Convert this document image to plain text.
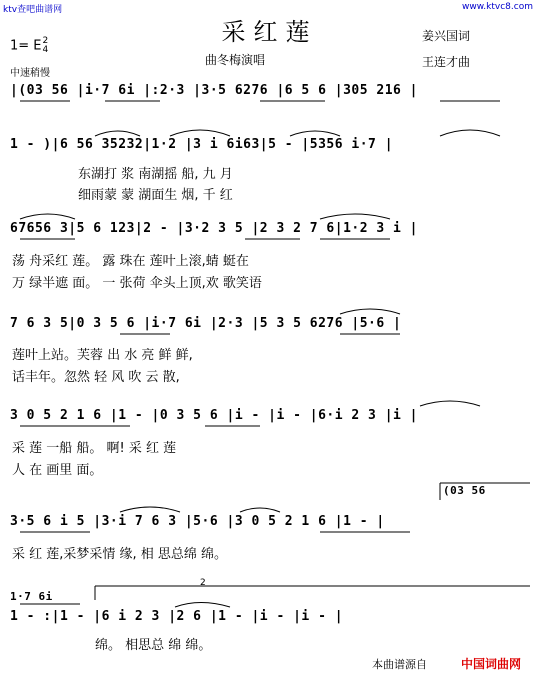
ktv查吧曲谱网	www.ktvc8.com
采红莲
曲冬梅演唱
姜兴国词
王连才曲
1= E2
4
中速稍慢
|(03 56 |i·7 6i |:2·3 |3·5 6276 |6 5 6 |305 216 |
1 - )|6 56 35232|1·2 |3 i 6i63|5 - |5356 i·7 |
东湖打 浆 南湖摇 船, 九 月
细雨蒙 蒙 湖面生 烟, 千 红
67656 3|5 6 123|2 - |3·2 3 5 |2 3 2 7 6|1·2 3 i |
荡 舟采红 莲。 露 珠在 莲叶上滚,蜻 蜓在
万 绿半遮 面。 一 张荷 伞头上顶,欢 歌笑语
7 6 3 5|0 3 5 6 |i·7 6i |2·3 |5 3 5 6276 |5·6 |
莲叶上站。芙蓉 出 水 亮 鲜 鲜,
话丰年。忽然 轻 风 吹 云 散,
3 0 5 2 1 6 |1 - |0 3 5 6 |i - |i - |6·i 2 3 |i |
采 莲 一船 船。 啊! 采 红 莲
人 在 画里 面。
(03 56
3·5 6 i 5 |3·i 7 6 3 |5·6 |3 0 5 2 1 6 |1 - |
采 红 莲,采梦采情 缘, 相 思总绵 绵。
2
1·7 6i
1 - :|1 - |6 i 2 3 |2 6 |1 - |i - |i - |
绵。 相思总 绵 绵。
本曲谱源自	中国词曲网
